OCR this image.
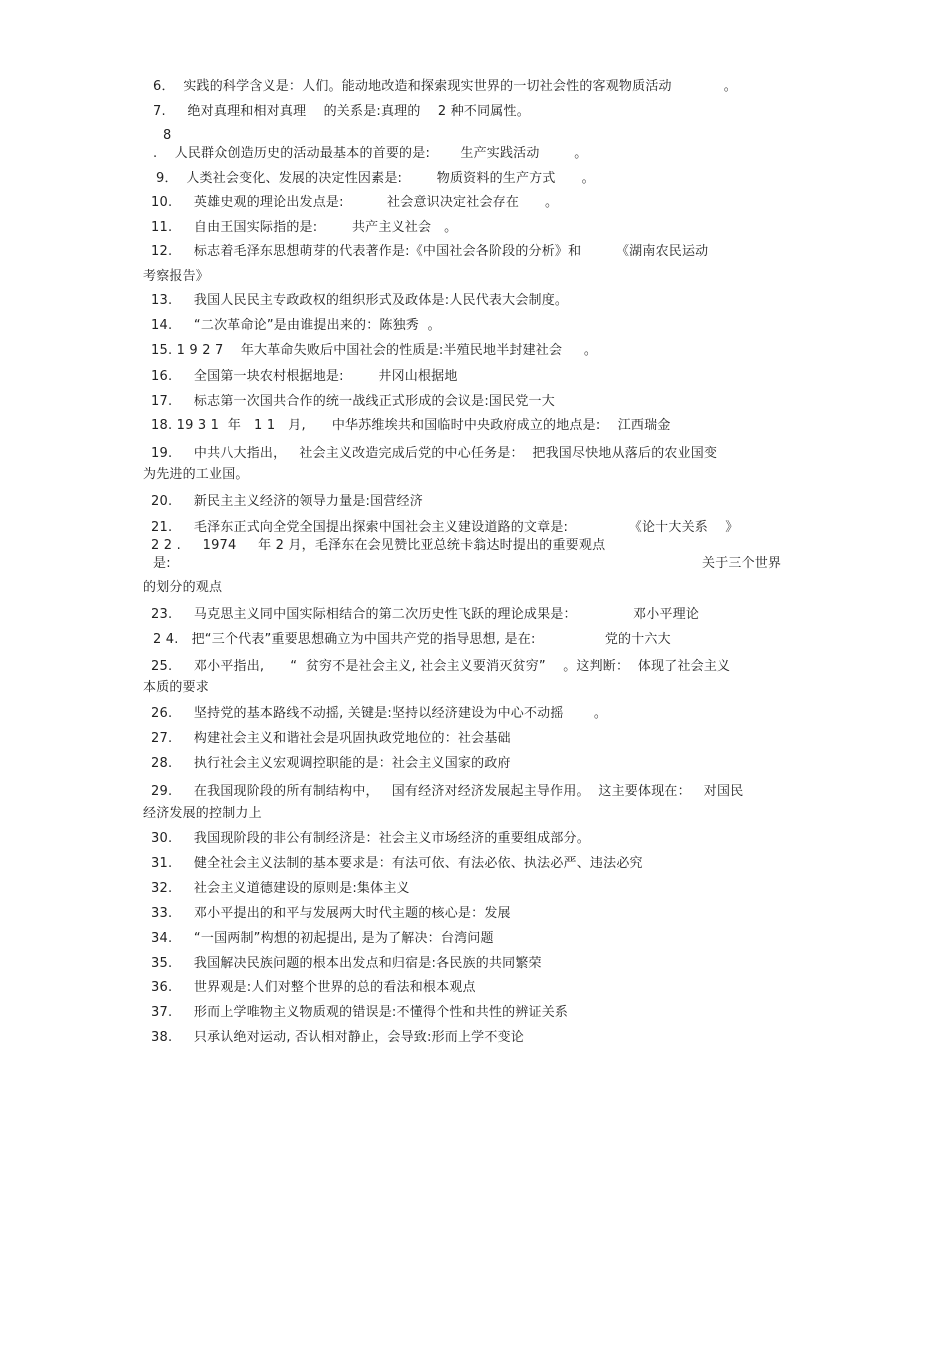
6．  实践的科学含义是：人们。能动地改造和探索现实世界的一切社会性的客观物质活动            。
7.     绝对真理和相对真理    的关系是:真理的    2 种不同属性。
8
.    人民群众创造历史的活动最基本的首要的是:       生产实践活动        。
9．  人类社会变化、发展的决定性因素是:        物质资料的生产方式      。
10.     英雄史观的理论出发点是:          社会意识决定社会存在      。
11.     自由王国实际指的是:        共产主义社会   。
12.     标志着毛泽东思想萌芽的代表著作是:《中国社会各阶段的分析》和        《湖南农民运动
考察报告》
13.     我国人民民主专政政权的组织形式及政体是:人民代表大会制度。
14.     “二次革命论”是由谁提出来的：陈独秀  。
15. 1 9 2 7    年大革命失败后中国社会的性质是:半殖民地半封建社会     。
16.     全国第一块农村根据地是:        井冈山根据地
17.     标志第一次国共合作的统一战线正式形成的会议是:国民党一大
18. 19 3 1  年   1 1   月,      中华苏维埃共和国临时中央政府成立的地点是:    江西瑞金
19.     中共八大指出，   社会主义改造完成后党的中心任务是：  把我国尽快地从落后的农业国变
为先进的工业国。
20.     新民主主义经济的领导力量是:国营经济
21.     毛泽东正式向全党全国提出探索中国社会主义建设道路的文章是:              《论十大关系    》
2 2 .     1974     年 2 月，毛泽东在会见赞比亚总统卡翁达时提出的重要观点
是:	关于三个世界
的划分的观点
23.     马克思主义同中国实际相结合的第二次历史性飞跃的理论成果是：             邓小平理论
2 4.   把“三个代表”重要思想确立为中国共产党的指导思想, 是在:                党的十六大
25.     邓小平指出,      “  贫穷不是社会主义, 社会主义要消灭贫穷”    。这判断：  体现了社会主义
本质的要求
26.     坚持党的基本路线不动摇, 关键是:坚持以经济建设为中心不动摇       。
27.     构建社会主义和谐社会是巩固执政党地位的：社会基础
28.     执行社会主义宏观调控职能的是：社会主义国家的政府
29.     在我国现阶段的所有制结构中，   国有经济对经济发展起主导作用。  这主要体现在：   对国民
经济发展的控制力上
30.     我国现阶段的非公有制经济是：社会主义市场经济的重要组成部分。
31.     健全社会主义法制的基本要求是：有法可依、有法必依、执法必严、违法必究
32.     社会主义道德建设的原则是:集体主义
33.     邓小平提出的和平与发展两大时代主题的核心是：发展
34.     “一国两制”构想的初起提出, 是为了解决：台湾问题
35.     我国解决民族问题的根本出发点和归宿是:各民族的共同繁荣
36.     世界观是:人们对整个世界的总的看法和根本观点
37.     形而上学唯物主义物质观的错误是:不懂得个性和共性的辨证关系
38.     只承认绝对运动, 否认相对静止，会导致:形而上学不变论
